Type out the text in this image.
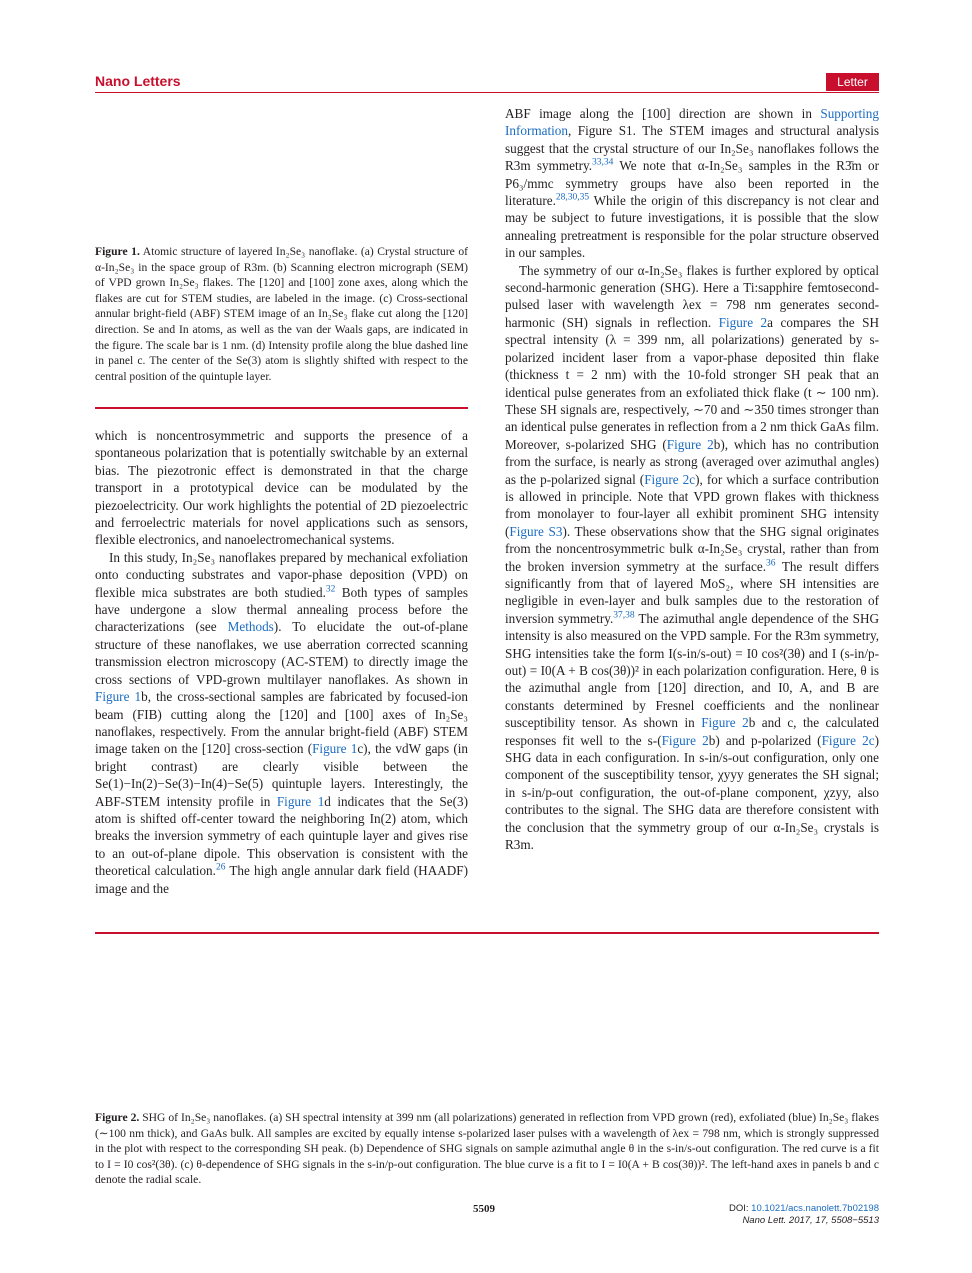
Nano Letters	Letter
Figure 1. Atomic structure of layered In₂Se₃ nanoflake. (a) Crystal structure of α-In₂Se₃ in the space group of R3m. (b) Scanning electron micrograph (SEM) of VPD grown In₂Se₃ flakes. The [120] and [100] zone axes, along which the flakes are cut for STEM studies, are labeled in the image. (c) Cross-sectional annular bright-field (ABF) STEM image of an In₂Se₃ flake cut along the [120] direction. Se and In atoms, as well as the van der Waals gaps, are indicated in the figure. The scale bar is 1 nm. (d) Intensity profile along the blue dashed line in panel c. The center of the Se(3) atom is slightly shifted with respect to the central position of the quintuple layer.

which is noncentrosymmetric and supports the presence of a spontaneous polarization that is potentially switchable by an external bias. The piezotronic effect is demonstrated in that the charge transport in a prototypical device can be modulated by the piezoelectricity. Our work highlights the potential of 2D piezoelectric and ferroelectric materials for novel applications such as sensors, flexible electronics, and nanoelectromechanical systems.

In this study, In₂Se₃ nanoflakes prepared by mechanical exfoliation onto conducting substrates and vapor-phase deposition (VPD) on flexible mica substrates are both studied.$^{32}$ Both types of samples have undergone a slow thermal annealing process before the characterizations (see Methods). To elucidate the out-of-plane structure of these nanoflakes, we use aberration corrected scanning transmission electron microscopy (AC-STEM) to directly image the cross sections of VPD-grown multilayer nanoflakes. As shown in Figure 1b, the cross-sectional samples are fabricated by focused-ion beam (FIB) cutting along the [120] and [100] axes of In₂Se₃ nanoflakes, respectively. From the annular bright-field (ABF) STEM image taken on the [120] cross-section (Figure 1c), the vdW gaps (in bright contrast) are clearly visible between the Se(1)−In(2)−Se(3)−In(4)−Se(5) quintuple layers. Interestingly, the ABF-STEM intensity profile in Figure 1d indicates that the Se(3) atom is shifted off-center toward the neighboring In(2) atom, which breaks the inversion symmetry of each quintuple layer and gives rise to an out-of-plane dipole. This observation is consistent with the theoretical calculation.$^{26}$ The high angle annular dark field (HAADF) image and the

ABF image along the [100] direction are shown in Supporting Information, Figure S1. The STEM images and structural analysis suggest that the crystal structure of our In₂Se₃ nanoflakes follows the R3m symmetry.$^{33,34}$ We note that α-In₂Se₃ samples in the R3̄m or P6₃/mmc symmetry groups have also been reported in the literature.$^{28,30,35}$ While the origin of this discrepancy is not clear and may be subject to future investigations, it is possible that the slow annealing pretreatment is responsible for the polar structure observed in our samples.

The symmetry of our α-In₂Se₃ flakes is further explored by optical second-harmonic generation (SHG). Here a Ti:sapphire femtosecond-pulsed laser with wavelength λex = 798 nm generates second-harmonic (SH) signals in reflection. Figure 2a compares the SH spectral intensity (λ = 399 nm, all polarizations) generated by s-polarized incident laser from a vapor-phase deposited thin flake (thickness t = 2 nm) with the 10-fold stronger SH peak that an identical pulse generates from an exfoliated thick flake (t ∼ 100 nm). These SH signals are, respectively, ∼70 and ∼350 times stronger than an identical pulse generates in reflection from a 2 nm thick GaAs film. Moreover, s-polarized SHG (Figure 2b), which has no contribution from the surface, is nearly as strong (averaged over azimuthal angles) as the p-polarized signal (Figure 2c), for which a surface contribution is allowed in principle. Note that VPD grown flakes with thickness from monolayer to four-layer all exhibit prominent SHG intensity (Figure S3). These observations show that the SHG signal originates from the noncentrosymmetric bulk α-In₂Se₃ crystal, rather than from the broken inversion symmetry at the surface.$^{36}$ The result differs significantly from that of layered MoS₂, where SH intensities are negligible in even-layer and bulk samples due to the restoration of inversion symmetry.$^{37,38}$ The azimuthal angle dependence of the SHG intensity is also measured on the VPD sample. For the R3m symmetry, SHG intensities take the form I(s-in/s-out) = I0 cos²(3θ) and I (s-in/p-out) = I0(A + B cos(3θ))² in each polarization configuration. Here, θ is the azimuthal angle from [120] direction, and I0, A, and B are constants determined by Fresnel coefficients and the nonlinear susceptibility tensor. As shown in Figure 2b and c, the calculated responses fit well to the s-(Figure 2b) and p-polarized (Figure 2c) SHG data in each configuration. In s-in/s-out configuration, only one component of the susceptibility tensor, χyyy generates the SH signal; in s-in/p-out configuration, the out-of-plane component, χzyy, also contributes to the signal. The SHG data are therefore consistent with the conclusion that the symmetry group of our α-In₂Se₃ crystals is R3m.

Figure 2. SHG of In₂Se₃ nanoflakes. (a) SH spectral intensity at 399 nm (all polarizations) generated in reflection from VPD grown (red), exfoliated (blue) In₂Se₃ flakes (∼100 nm thick), and GaAs bulk. All samples are excited by equally intense s-polarized laser pulses with a wavelength of λex = 798 nm, which is strongly suppressed in the plot with respect to the corresponding SH peak. (b) Dependence of SHG signals on sample azimuthal angle θ in the s-in/s-out configuration. The red curve is a fit to I = I0 cos²(3θ). (c) θ-dependence of SHG signals in the s-in/p-out configuration. The blue curve is a fit to I = I0(A + B cos(3θ))². The left-hand axes in panels b and c denote the radial scale.
5509	DOI: 10.1021/acs.nanolett.7b02198
Nano Lett. 2017, 17, 5508−5513
